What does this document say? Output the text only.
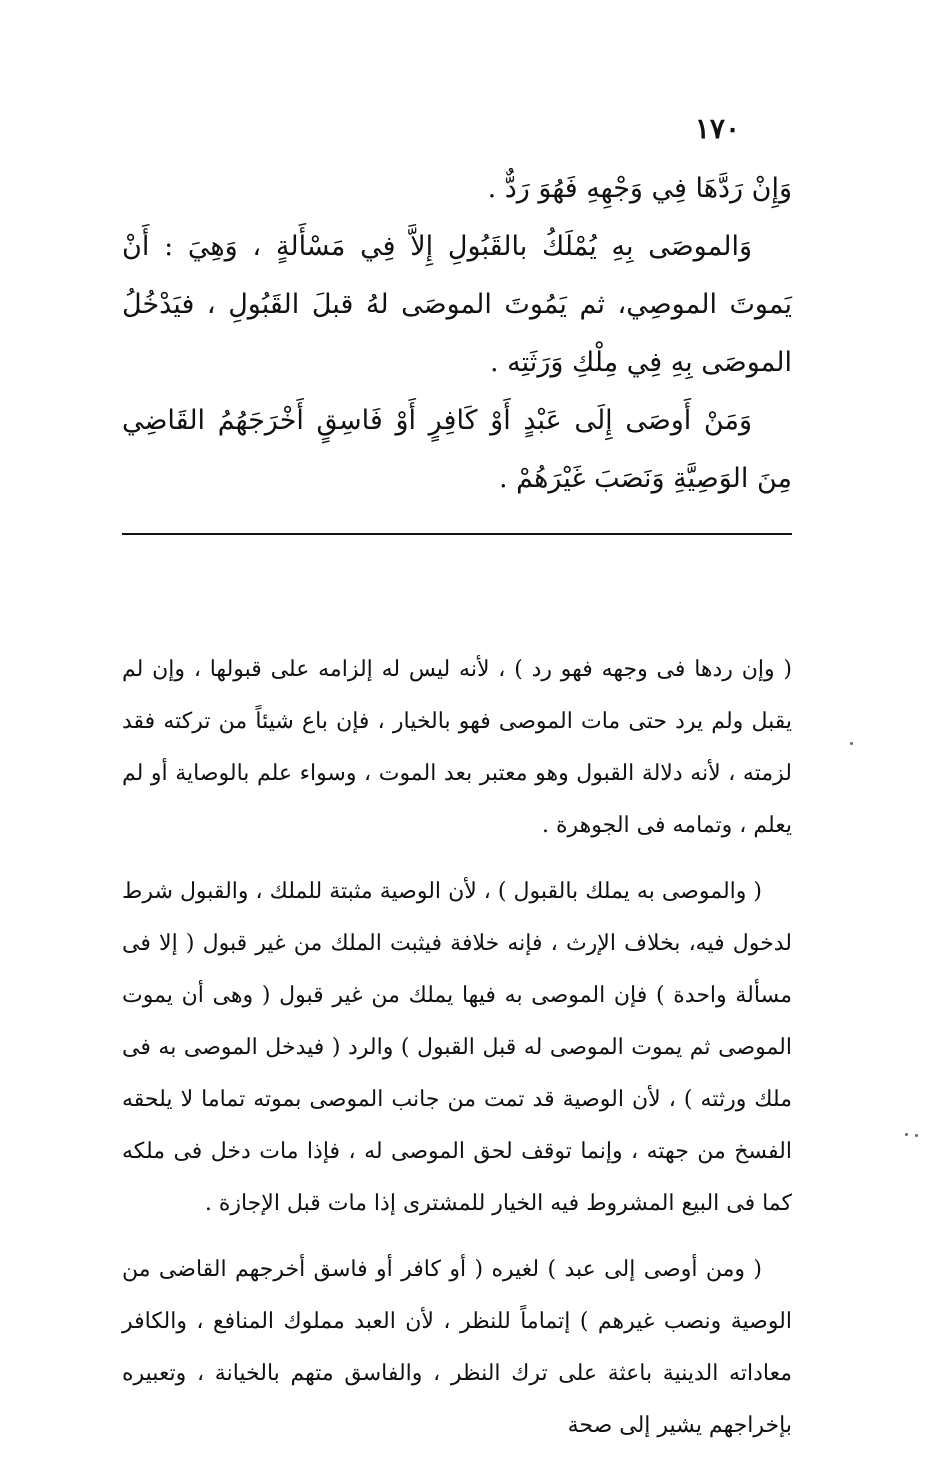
١٧٠

وَإِنْ رَدَّهَا فِي وَجْهِهِ فَهُوَ رَدٌّ .

وَالموصَى بِهِ يُمْلَكُ بالقَبُولِ إِلاَّ فِي مَسْأَلةٍ ، وَهِيَ : أَنْ يَموتَ الموصِي، ثم يَمُوتَ الموصَى لهُ قبلَ القَبُولِ ، فيَدْخُلُ الموصَى بِهِ فِي مِلْكِ وَرَثَتِه .

وَمَنْ أَوصَى إِلَى عَبْدٍ أَوْ كَافِرٍ أَوْ فَاسِقٍ أَخْرَجَهُمُ القَاضِي مِنَ الوَصِيَّةِ وَنَصَبَ غَيْرَهُمْ .

( وإن ردها فى وجهه فهو رد ) ، لأنه ليس له إلزامه على قبولها ، وإن لم يقبل ولم يرد حتى مات الموصى فهو بالخيار ، فإن باع شيئاً من تركته فقد لزمته ، لأنه دلالة القبول وهو معتبر بعد الموت ، وسواء علم بالوصاية أو لم يعلم ، وتمامه فى الجوهرة .

( والموصى به يملك بالقبول ) ، لأن الوصية مثبتة للملك ، والقبول شرط لدخول فيه، بخلاف الإرث ، فإنه خلافة فيثبت الملك من غير قبول ( إلا فى مسألة واحدة ) فإن الموصى به فيها يملك من غير قبول ( وهى أن يموت الموصى ثم يموت الموصى له قبل القبول ) والرد ( فيدخل الموصى به فى ملك ورثته ) ، لأن الوصية قد تمت من جانب الموصى بموته تماما لا يلحقه الفسخ من جهته ، وإنما توقف لحق الموصى له ، فإذا مات دخل فى ملكه كما فى البيع المشروط فيه الخيار للمشترى إذا مات قبل الإجازة .

( ومن أوصى إلى عبد ) لغيره ( أو كافر أو فاسق أخرجهم القاضى من الوصية ونصب غيرهم ) إتماماً للنظر ، لأن العبد مملوك المنافع ، والكافر معاداته الدينية باعثة على ترك النظر ، والفاسق متهم بالخيانة ، وتعبيره بإخراجهم يشير إلى صحة
